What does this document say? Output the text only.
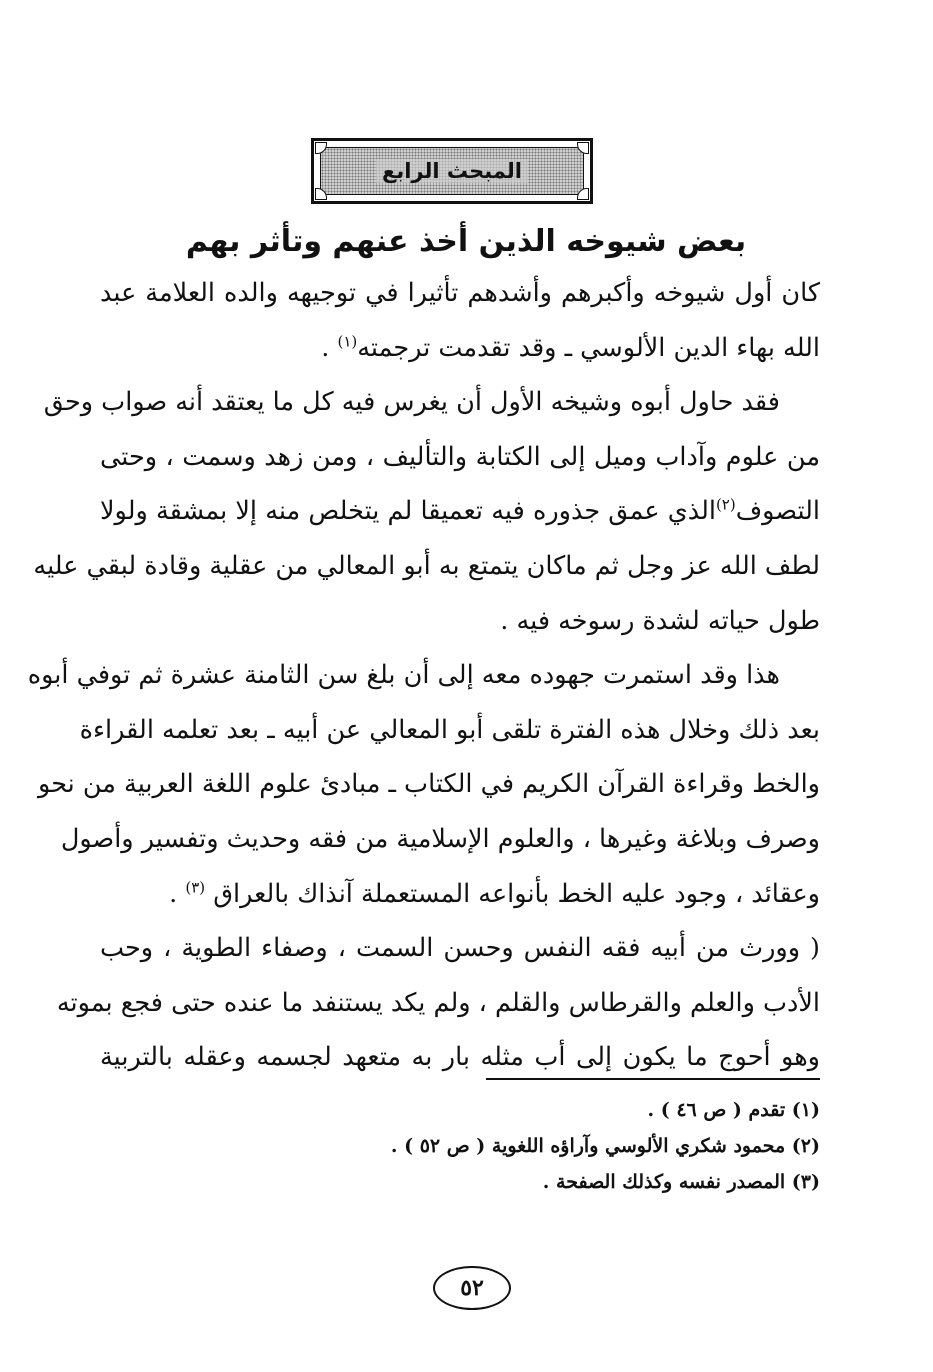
المبحث الرابع
بعض شيوخه الذين أخذ عنهم وتأثر بهم

كان أول شيوخه وأكبرهم وأشدهم تأثيرا في توجيهه والده العلامة عبد
الله بهاء الدين الألوسي ـ وقد تقدمت ترجمته$^{(١)}$ .

فقد حاول أبوه وشيخه الأول أن يغرس فيه كل ما يعتقد أنه صواب وحق
من علوم وآداب وميل إلى الكتابة والتأليف ، ومن زهد وسمت ، وحتى
التصوف$^{(٢)}$الذي عمق جذوره فيه تعميقا لم يتخلص منه إلا بمشقة ولولا
لطف الله عز وجل ثم ماكان يتمتع به أبو المعالي من عقلية وقادة لبقي عليه
طول حياته لشدة رسوخه فيه .

هذا وقد استمرت جهوده معه إلى أن بلغ سن الثامنة عشرة ثم توفي أبوه
بعد ذلك وخلال هذه الفترة تلقى أبو المعالي عن أبيه ـ بعد تعلمه القراءة
والخط وقراءة القرآن الكريم في الكتاب ـ مبادئ علوم اللغة العربية من نحو
وصرف وبلاغة وغيرها ، والعلوم الإسلامية من فقه وحديث وتفسير وأصول
وعقائد ، وجود عليه الخط بأنواعه المستعملة آنذاك بالعراق $^{(٣)}$ .

( وورث من أبيه فقه النفس وحسن السمت ، وصفاء الطوية ، وحب
الأدب والعلم والقرطاس والقلم ، ولم يكد يستنفد ما عنده حتى فجع بموته
وهو أحوج ما يكون إلى أب مثله بار به متعهد لجسمه وعقله بالتربية

(١) تقدم ( ص ٤٦ ) .
(٢) محمود شكري الألوسي وآراؤه اللغوية ( ص ٥٢ ) .
(٣) المصدر نفسه وكذلك الصفحة .
٥٢
